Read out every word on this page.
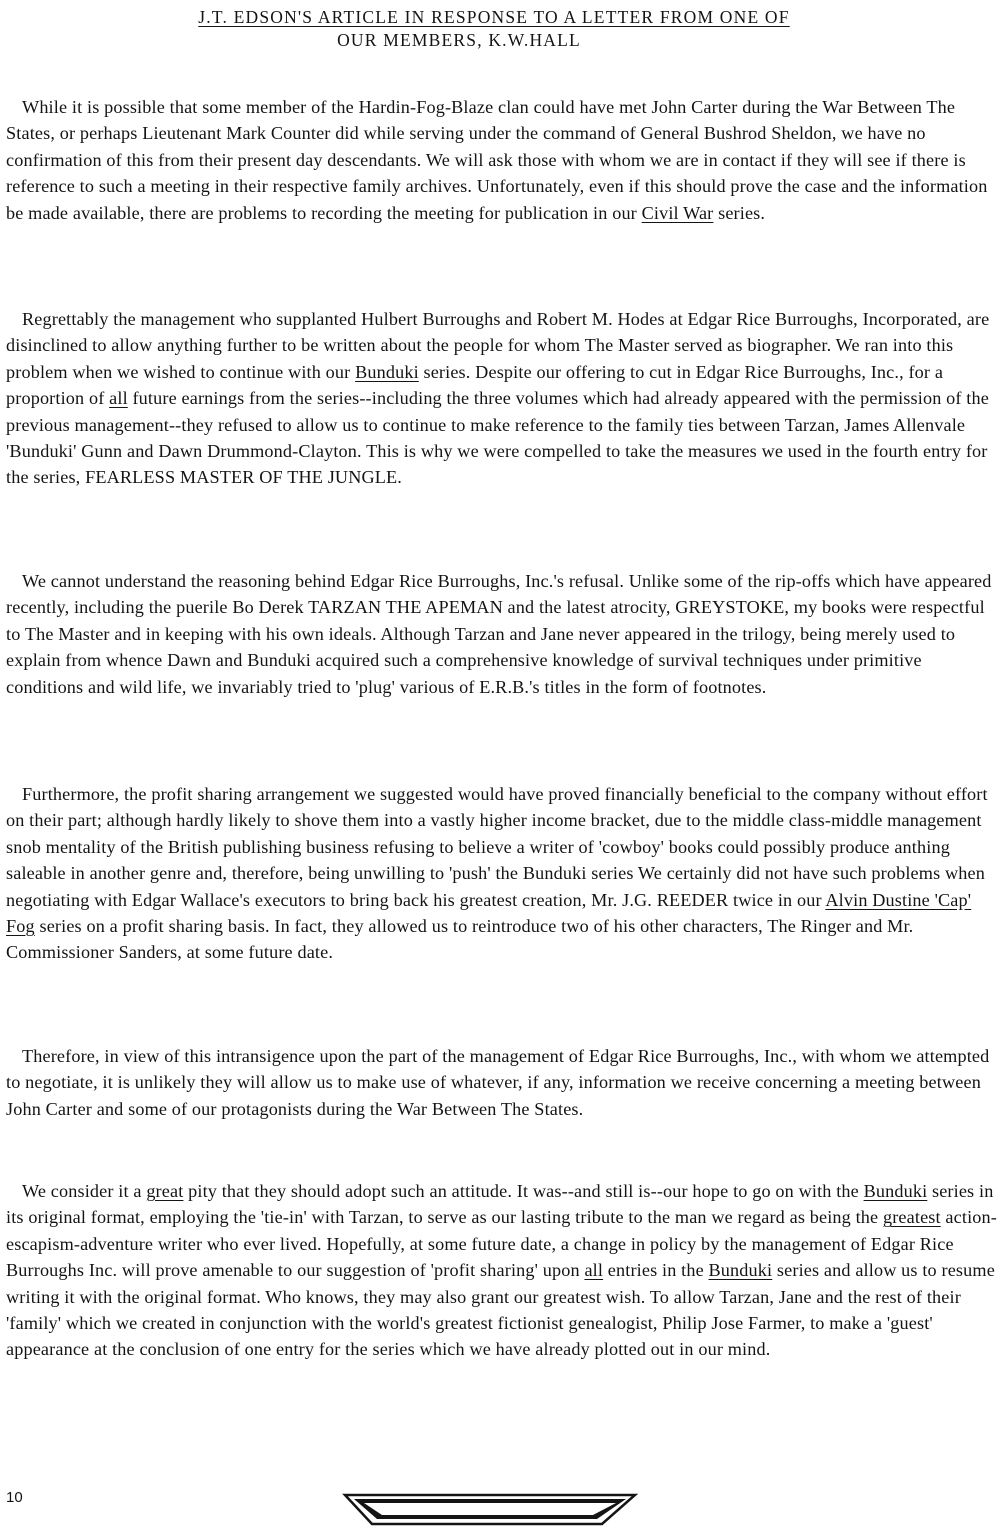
J.T. EDSON'S ARTICLE IN RESPONSE TO A LETTER FROM ONE OF
OUR MEMBERS, K.W.HALL

While it is possible that some member of the Hardin-Fog-Blaze clan could have met John Carter during the War Between The States, or perhaps Lieutenant Mark Counter did while serving under the command of General Bushrod Sheldon, we have no confirmation of this from their present day descendants. We will ask those with whom we are in contact if they will see if there is reference to such a meeting in their respective family archives. Unfortunately, even if this should prove the case and the information be made available, there are problems to recording the meeting for publication in our Civil War series.

Regrettably the management who supplanted Hulbert Burroughs and Robert M. Hodes at Edgar Rice Burroughs, Incorporated, are disinclined to allow anything further to be written about the people for whom The Master served as biographer. We ran into this problem when we wished to continue with our Bunduki series. Despite our offering to cut in Edgar Rice Burroughs, Inc., for a proportion of all future earnings from the series--including the three volumes which had already appeared with the permission of the previous management--they refused to allow us to continue to make reference to the family ties between Tarzan, James Allenvale 'Bunduki' Gunn and Dawn Drummond-Clayton. This is why we were compelled to take the measures we used in the fourth entry for the series, FEARLESS MASTER OF THE JUNGLE.

We cannot understand the reasoning behind Edgar Rice Burroughs, Inc.'s refusal. Unlike some of the rip-offs which have appeared recently, including the puerile Bo Derek TARZAN THE APEMAN and the latest atrocity, GREYSTOKE, my books were respectful to The Master and in keeping with his own ideals. Although Tarzan and Jane never appeared in the trilogy, being merely used to explain from whence Dawn and Bunduki acquired such a comprehensive knowledge of survival techniques under primitive conditions and wild life, we invariably tried to 'plug' various of E.R.B.'s titles in the form of footnotes.

Furthermore, the profit sharing arrangement we suggested would have proved financially beneficial to the company without effort on their part; although hardly likely to shove them into a vastly higher income bracket, due to the middle class-middle management snob mentality of the British publishing business refusing to believe a writer of 'cowboy' books could possibly produce anthing saleable in another genre and, therefore, being unwilling to 'push' the Bunduki series We certainly did not have such problems when negotiating with Edgar Wallace's executors to bring back his greatest creation, Mr. J.G. REEDER twice in our Alvin Dustine 'Cap' Fog series on a profit sharing basis. In fact, they allowed us to reintroduce two of his other characters, The Ringer and Mr. Commissioner Sanders, at some future date.

Therefore, in view of this intransigence upon the part of the management of Edgar Rice Burroughs, Inc., with whom we attempted to negotiate, it is unlikely they will allow us to make use of whatever, if any, information we receive concerning a meeting between John Carter and some of our protagonists during the War Between The States.

We consider it a great pity that they should adopt such an attitude. It was--and still is--our hope to go on with the Bunduki series in its original format, employing the 'tie-in' with Tarzan, to serve as our lasting tribute to the man we regard as being the greatest action-escapism-adventure writer who ever lived. Hopefully, at some future date, a change in policy by the management of Edgar Rice Burroughs Inc. will prove amenable to our suggestion of 'profit sharing' upon all entries in the Bunduki series and allow us to resume writing it with the original format. Who knows, they may also grant our greatest wish. To allow Tarzan, Jane and the rest of their 'family' which we created in conjunction with the world's greatest fictionist genealogist, Philip Jose Farmer, to make a 'guest' appearance at the conclusion of one entry for the series which we have already plotted out in our mind.

10
